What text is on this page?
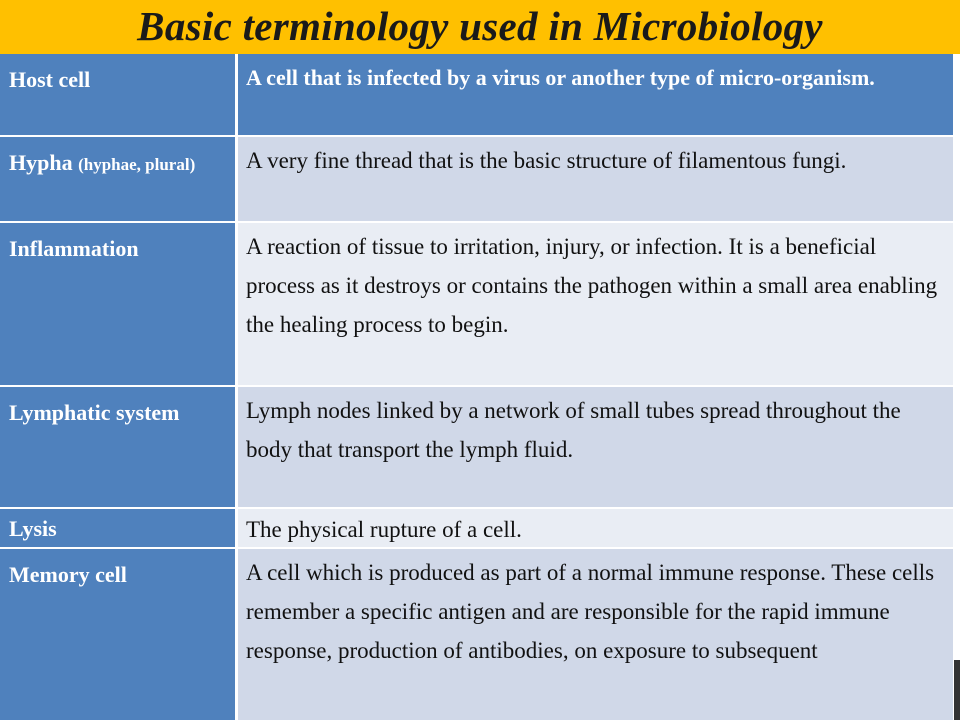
Basic terminology used in Microbiology
Host cell	A cell that is infected by a virus or another type of micro-organism.
Hypha (hyphae, plural)	A very fine thread that is the basic structure of filamentous fungi.
Inflammation	A reaction of tissue to irritation, injury, or infection. It is a beneficial process as it destroys or contains the pathogen within a small area enabling the healing process to begin.
Lymphatic system	Lymph nodes linked by a network of small tubes spread throughout the body that transport the lymph fluid.
Lysis	The physical rupture of a cell.
Memory cell	A cell which is produced as part of a normal immune response. These cells remember a specific antigen and are responsible for the rapid immune response, production of antibodies, on exposure to subsequent
